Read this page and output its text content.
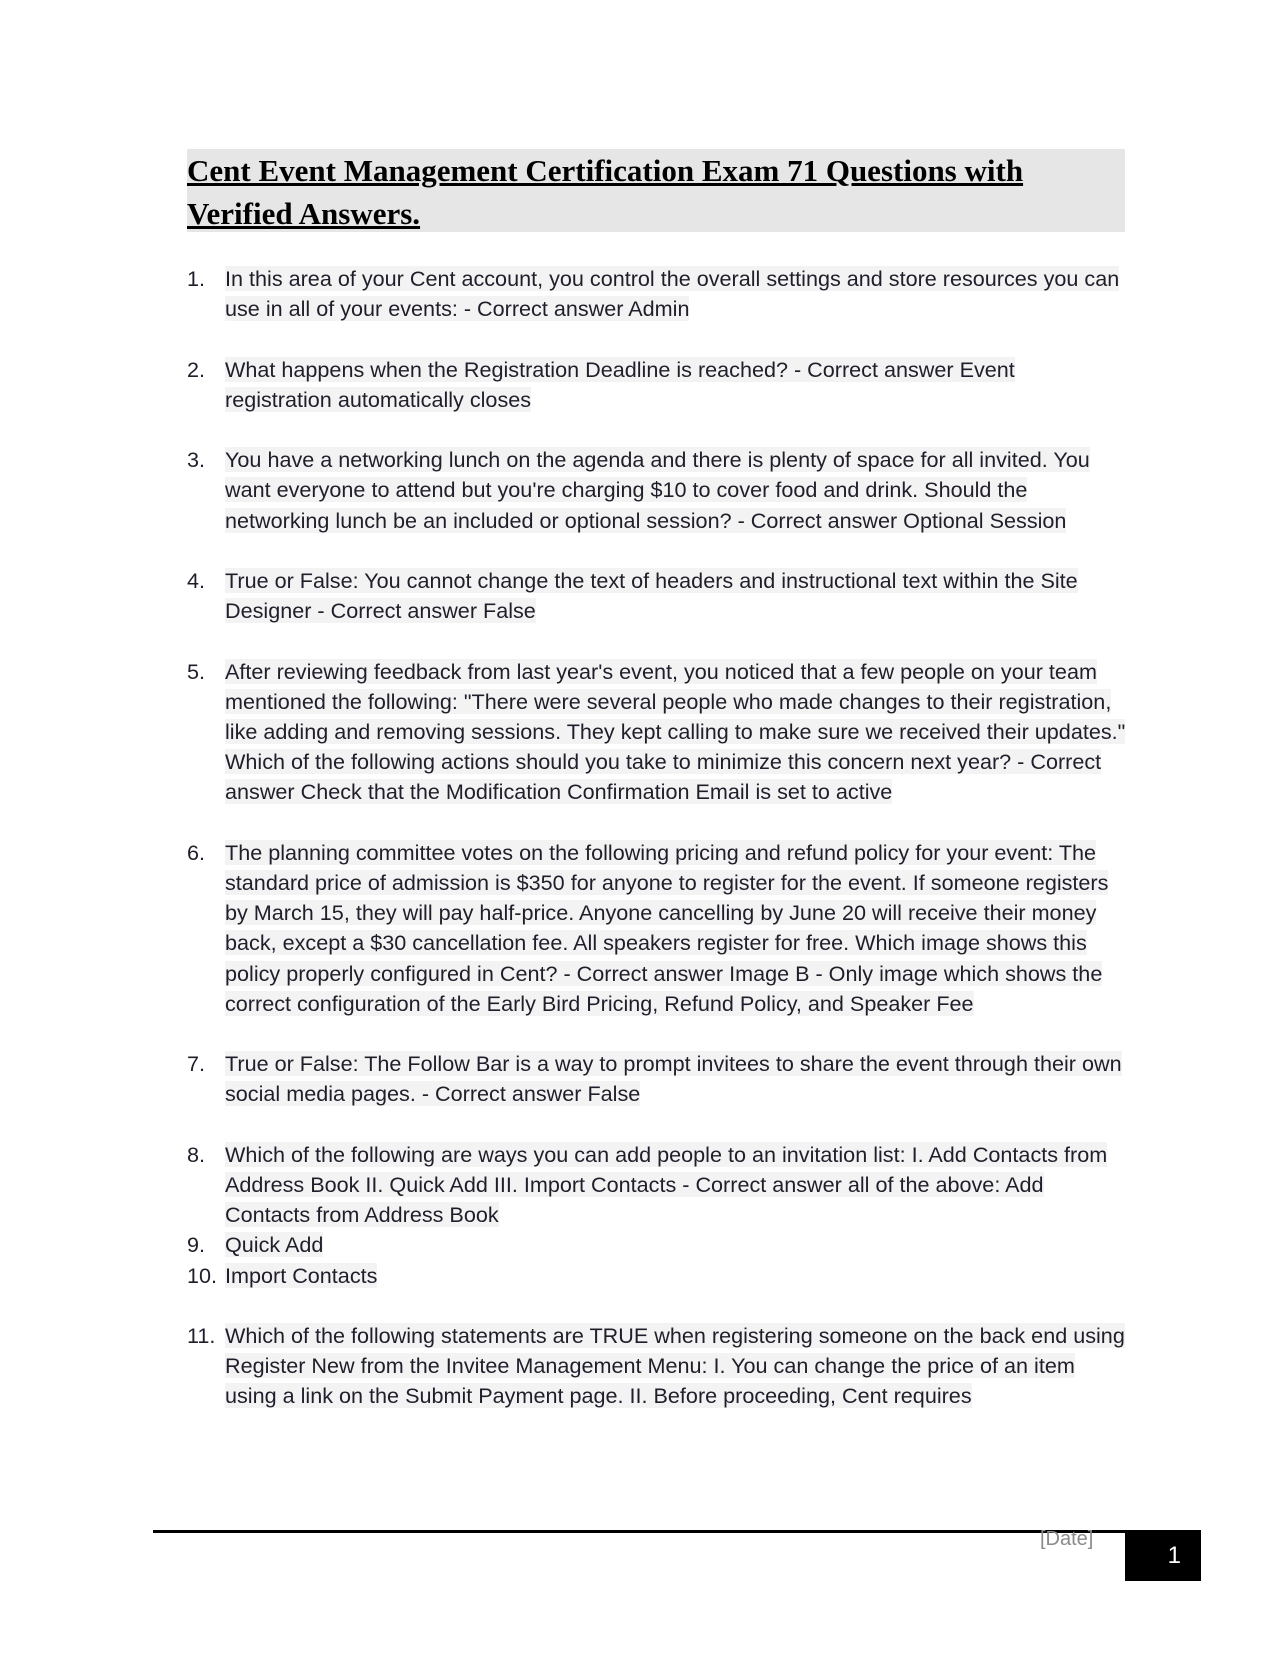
Cent Event Management Certification Exam 71 Questions with Verified Answers.
1. In this area of your Cent account, you control the overall settings and store resources you can use in all of your events: - Correct answer Admin
2. What happens when the Registration Deadline is reached? - Correct answer Event registration automatically closes
3. You have a networking lunch on the agenda and there is plenty of space for all invited. You want everyone to attend but you're charging $10 to cover food and drink. Should the networking lunch be an included or optional session? - Correct answer Optional Session
4. True or False: You cannot change the text of headers and instructional text within the Site Designer - Correct answer False
5. After reviewing feedback from last year's event, you noticed that a few people on your team mentioned the following: "There were several people who made changes to their registration, like adding and removing sessions. They kept calling to make sure we received their updates." Which of the following actions should you take to minimize this concern next year? - Correct answer Check that the Modification Confirmation Email is set to active
6. The planning committee votes on the following pricing and refund policy for your event: The standard price of admission is $350 for anyone to register for the event. If someone registers by March 15, they will pay half-price. Anyone cancelling by June 20 will receive their money back, except a $30 cancellation fee. All speakers register for free. Which image shows this policy properly configured in Cent? - Correct answer Image B - Only image which shows the correct configuration of the Early Bird Pricing, Refund Policy, and Speaker Fee
7. True or False: The Follow Bar is a way to prompt invitees to share the event through their own social media pages. - Correct answer False
8. Which of the following are ways you can add people to an invitation list: I. Add Contacts from Address Book II. Quick Add III. Import Contacts - Correct answer all of the above: Add Contacts from Address Book
9. Quick Add
10. Import Contacts
11. Which of the following statements are TRUE when registering someone on the back end using Register New from the Invitee Management Menu: I. You can change the price of an item using a link on the Submit Payment page. II. Before proceeding, Cent requires
[Date]
1
